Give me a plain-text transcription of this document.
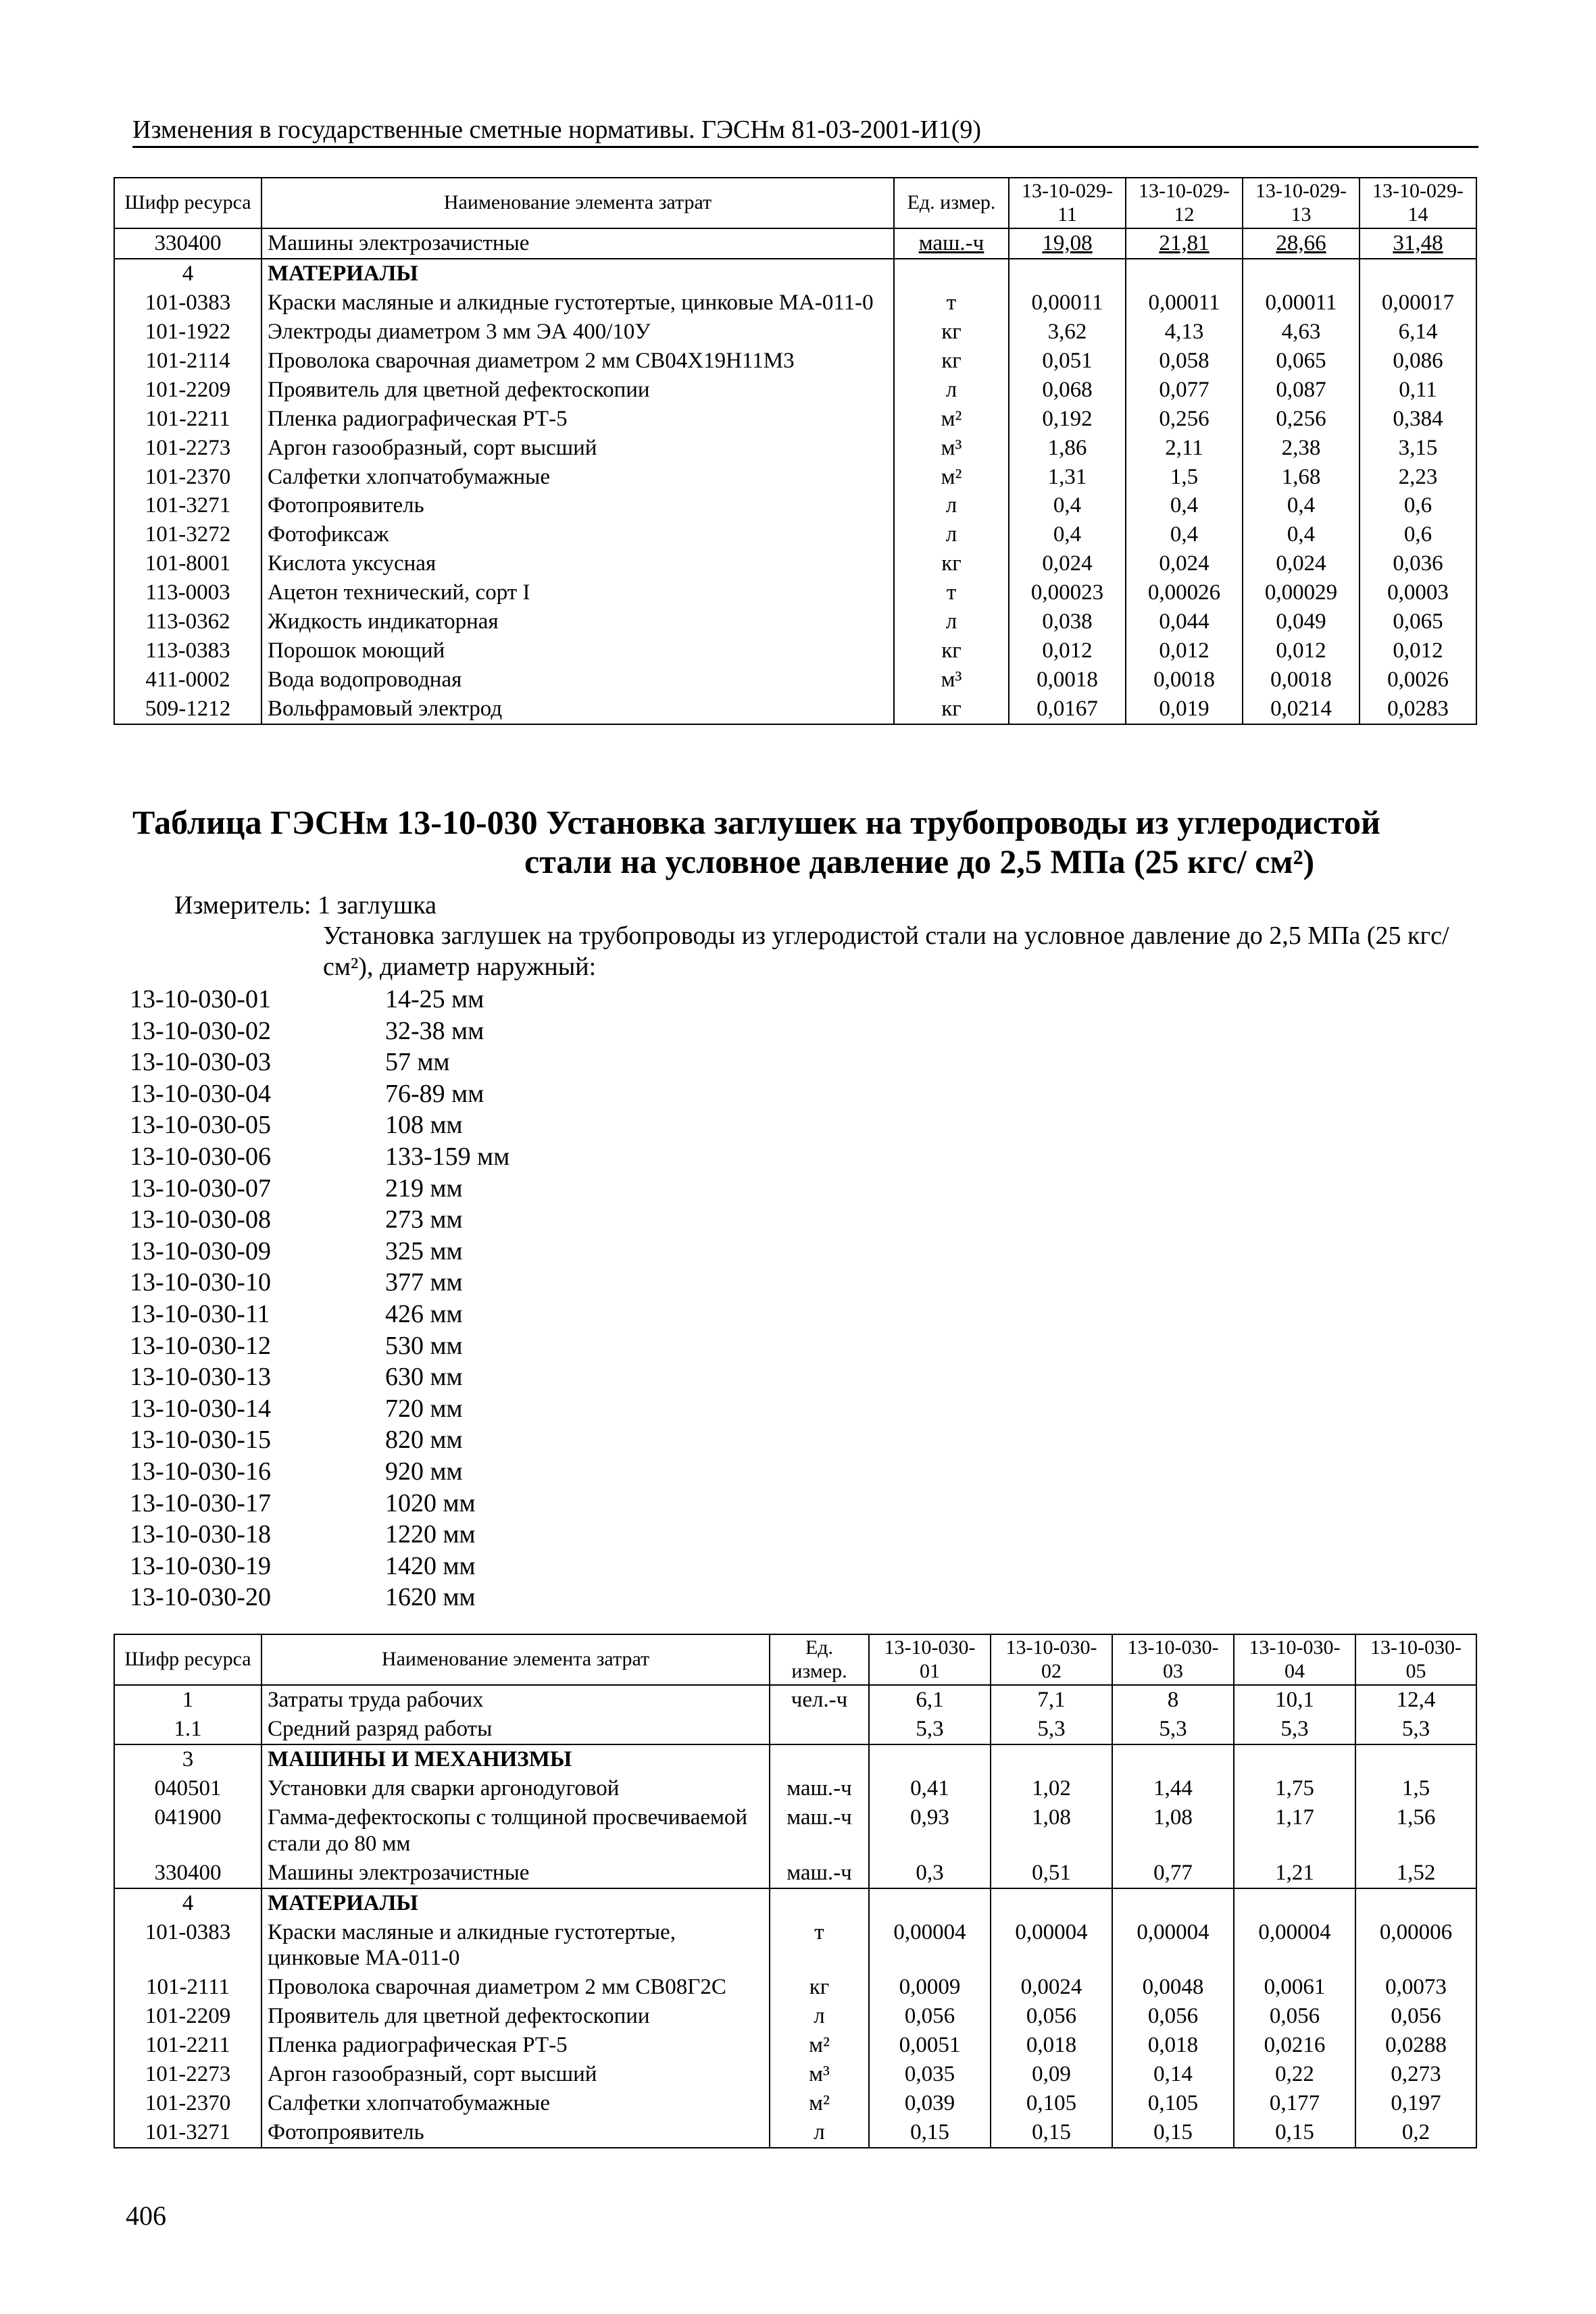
Изменения в государственные сметные нормативы. ГЭСНм 81-03-2001-И1(9)
Шифр ресурса	Наименование элемента затрат	Ед. измер.	13-10-029-11	13-10-029-12	13-10-029-13	13-10-029-14
330400	Машины электрозачистные	маш.-ч	19,08	21,81	28,66	31,48
4	МАТЕРИАЛЫ					
101-0383	Краски масляные и алкидные густотертые, цинковые МА-011-0	т	0,00011	0,00011	0,00011	0,00017
101-1922	Электроды диаметром 3 мм ЭА 400/10У	кг	3,62	4,13	4,63	6,14
101-2114	Проволока сварочная диаметром 2 мм СВ04Х19Н11М3	кг	0,051	0,058	0,065	0,086
101-2209	Проявитель для цветной дефектоскопии	л	0,068	0,077	0,087	0,11
101-2211	Пленка радиографическая РТ-5	м²	0,192	0,256	0,256	0,384
101-2273	Аргон газообразный, сорт высший	м³	1,86	2,11	2,38	3,15
101-2370	Салфетки хлопчатобумажные	м²	1,31	1,5	1,68	2,23
101-3271	Фотопроявитель	л	0,4	0,4	0,4	0,6
101-3272	Фотофиксаж	л	0,4	0,4	0,4	0,6
101-8001	Кислота уксусная	кг	0,024	0,024	0,024	0,036
113-0003	Ацетон технический, сорт I	т	0,00023	0,00026	0,00029	0,0003
113-0362	Жидкость индикаторная	л	0,038	0,044	0,049	0,065
113-0383	Порошок моющий	кг	0,012	0,012	0,012	0,012
411-0002	Вода водопроводная	м³	0,0018	0,0018	0,0018	0,0026
509-1212	Вольфрамовый электрод	кг	0,0167	0,019	0,0214	0,0283
Таблица ГЭСНм 13-10-030 Установка заглушек на трубопроводы из углеродистой
стали на условное давление до 2,5 МПа (25 кгс/ см²)
Измеритель: 1 заглушка
Установка заглушек на трубопроводы из углеродистой стали на условное давление до 2,5 МПа (25 кгс/ см²), диаметр наружный:
13-10-030-01	14-25 мм
13-10-030-02	32-38 мм
13-10-030-03	57 мм
13-10-030-04	76-89 мм
13-10-030-05	108 мм
13-10-030-06	133-159 мм
13-10-030-07	219 мм
13-10-030-08	273 мм
13-10-030-09	325 мм
13-10-030-10	377 мм
13-10-030-11	426 мм
13-10-030-12	530 мм
13-10-030-13	630 мм
13-10-030-14	720 мм
13-10-030-15	820 мм
13-10-030-16	920 мм
13-10-030-17	1020 мм
13-10-030-18	1220 мм
13-10-030-19	1420 мм
13-10-030-20	1620 мм
Шифр ресурса	Наименование элемента затрат	Ед. измер.	13-10-030-01	13-10-030-02	13-10-030-03	13-10-030-04	13-10-030-05
1	Затраты труда рабочих	чел.-ч	6,1	7,1	8	10,1	12,4
1.1	Средний разряд работы		5,3	5,3	5,3	5,3	5,3
3	МАШИНЫ И МЕХАНИЗМЫ						
040501	Установки для сварки аргонодуговой	маш.-ч	0,41	1,02	1,44	1,75	1,5
041900	Гамма-дефектоскопы с толщиной просвечиваемой стали до 80 мм	маш.-ч	0,93	1,08	1,08	1,17	1,56
330400	Машины электрозачистные	маш.-ч	0,3	0,51	0,77	1,21	1,52
4	МАТЕРИАЛЫ						
101-0383	Краски масляные и алкидные густотертые, цинковые МА-011-0	т	0,00004	0,00004	0,00004	0,00004	0,00006
101-2111	Проволока сварочная диаметром 2 мм СВ08Г2С	кг	0,0009	0,0024	0,0048	0,0061	0,0073
101-2209	Проявитель для цветной дефектоскопии	л	0,056	0,056	0,056	0,056	0,056
101-2211	Пленка радиографическая РТ-5	м²	0,0051	0,018	0,018	0,0216	0,0288
101-2273	Аргон газообразный, сорт высший	м³	0,035	0,09	0,14	0,22	0,273
101-2370	Салфетки хлопчатобумажные	м²	0,039	0,105	0,105	0,177	0,197
101-3271	Фотопроявитель	л	0,15	0,15	0,15	0,15	0,2
406
